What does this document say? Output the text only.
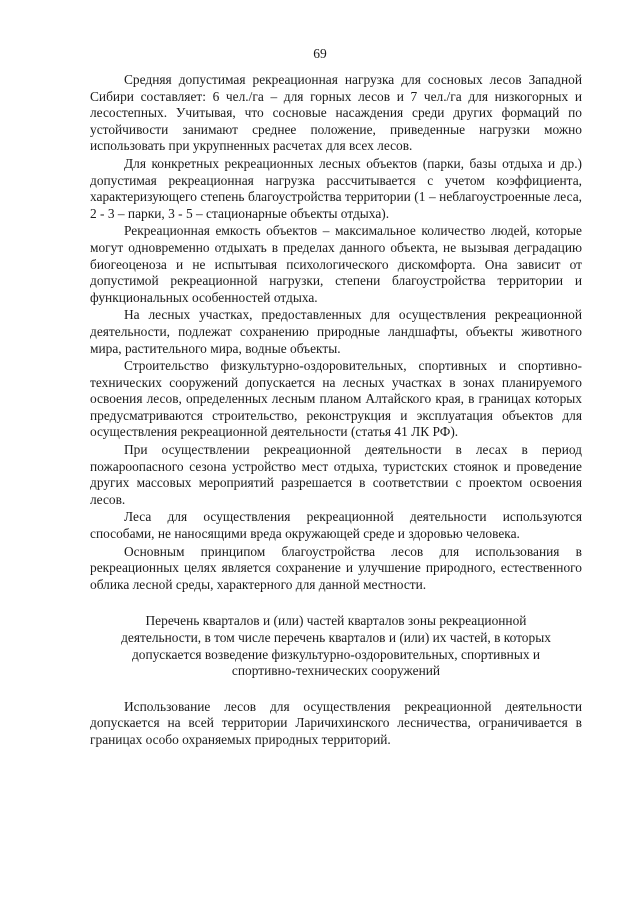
69

Средняя допустимая рекреационная нагрузка для сосновых лесов Западной Сибири составляет: 6 чел./га – для горных лесов и 7 чел./га для низкогорных и лесостепных. Учитывая, что сосновые насаждения среди других формаций по устойчивости занимают среднее положение, приведенные нагрузки можно использовать при укрупненных расчетах для всех лесов.

Для конкретных рекреационных лесных объектов (парки, базы отдыха и др.) допустимая рекреационная нагрузка рассчитывается с учетом коэффициента, характеризующего степень благоустройства территории (1 – неблагоустроенные леса, 2 - 3 – парки, 3 - 5 – стационарные объекты отдыха).

Рекреационная емкость объектов – максимальное количество людей, которые могут одновременно отдыхать в пределах данного объекта, не вызывая деградацию биогеоценоза и не испытывая психологического дискомфорта. Она зависит от допустимой рекреационной нагрузки, степени благоустройства территории и функциональных особенностей отдыха.

На лесных участках, предоставленных для осуществления рекреационной деятельности, подлежат сохранению природные ландшафты, объекты животного мира, растительного мира, водные объекты.

Строительство физкультурно-оздоровительных, спортивных и спортивно-технических сооружений допускается на лесных участках в зонах планируемого освоения лесов, определенных лесным планом Алтайского края, в границах которых предусматриваются строительство, реконструкция и эксплуатация объектов для осуществления рекреационной деятельности (статья 41 ЛК РФ).

При осуществлении рекреационной деятельности в лесах в период пожароопасного сезона устройство мест отдыха, туристских стоянок и проведение других массовых мероприятий разрешается в соответствии с проектом освоения лесов.

Леса для осуществления рекреационной деятельности используются способами, не наносящими вреда окружающей среде и здоровью человека.

Основным принципом благоустройства лесов для использования в рекреационных целях является сохранение и улучшение природного, естественного облика лесной среды, характерного для данной местности.

Перечень кварталов и (или) частей кварталов зоны рекреационной деятельности, в том числе перечень кварталов и (или) их частей, в которых допускается возведение физкультурно-оздоровительных, спортивных и спортивно-технических сооружений

Использование лесов для осуществления рекреационной деятельности допускается на всей территории Ларичихинского лесничества, ограничивается в границах особо охраняемых природных территорий.
